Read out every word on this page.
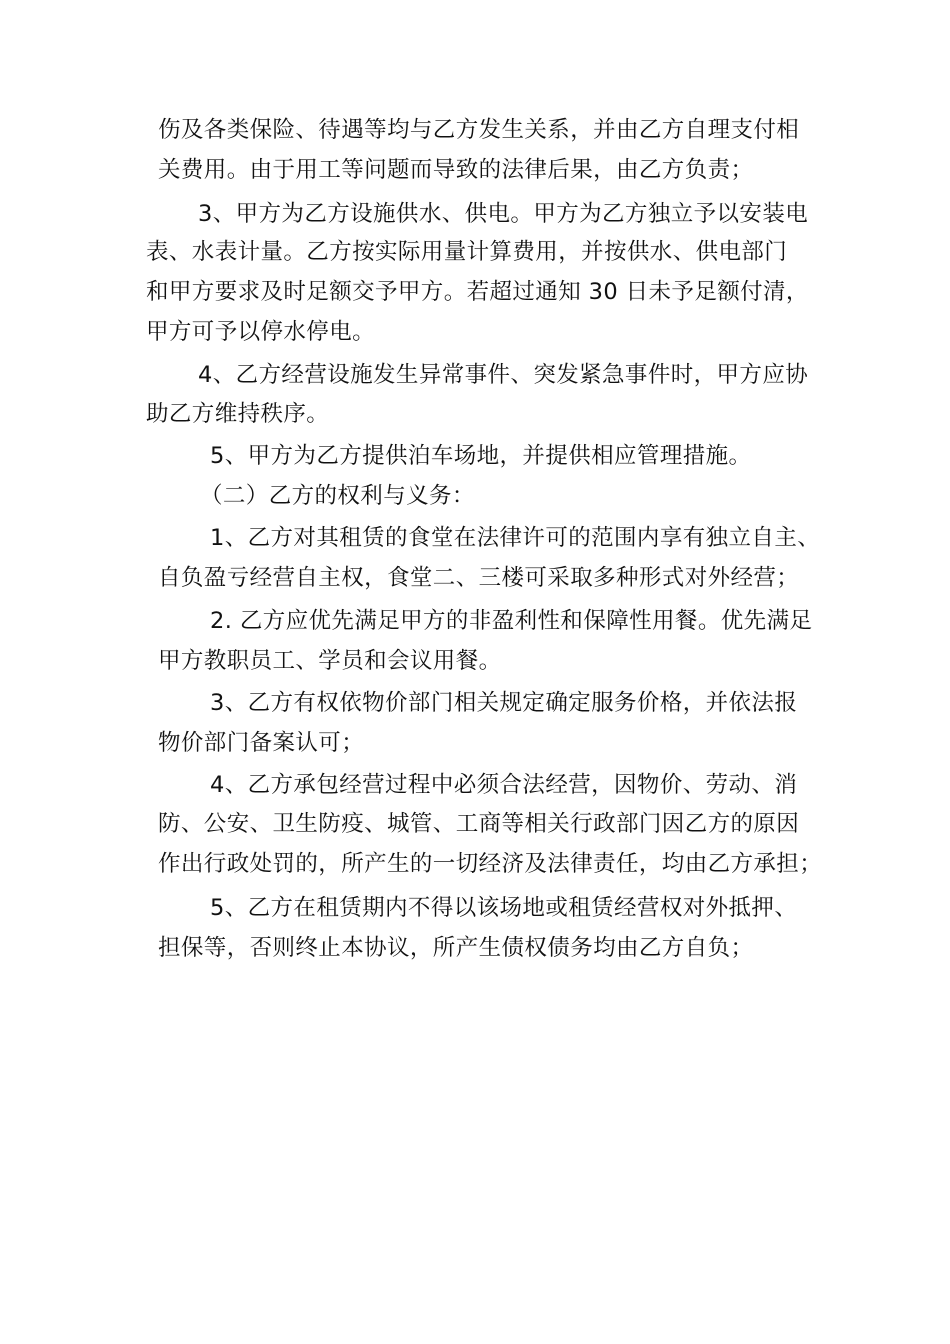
伤及各类保险、待遇等均与乙方发生关系，并由乙方自理支付相
关费用。由于用工等问题而导致的法律后果，由乙方负责；
3、甲方为乙方设施供水、供电。甲方为乙方独立予以安装电
表、水表计量。乙方按实际用量计算费用，并按供水、供电部门
和甲方要求及时足额交予甲方。若超过通知 30 日未予足额付清，
甲方可予以停水停电。
4、乙方经营设施发生异常事件、突发紧急事件时，甲方应协
助乙方维持秩序。
5、甲方为乙方提供泊车场地，并提供相应管理措施。
（二）乙方的权利与义务：
1、乙方对其租赁的食堂在法律许可的范围内享有独立自主、
自负盈亏经营自主权，食堂二、三楼可采取多种形式对外经营；
2. 乙方应优先满足甲方的非盈利性和保障性用餐。优先满足
甲方教职员工、学员和会议用餐。
3、乙方有权依物价部门相关规定确定服务价格，并依法报
物价部门备案认可；
4、乙方承包经营过程中必须合法经营，因物价、劳动、消
防、公安、卫生防疫、城管、工商等相关行政部门因乙方的原因
作出行政处罚的，所产生的一切经济及法律责任，均由乙方承担；
5、乙方在租赁期内不得以该场地或租赁经营权对外抵押、
担保等，否则终止本协议，所产生债权债务均由乙方自负；
